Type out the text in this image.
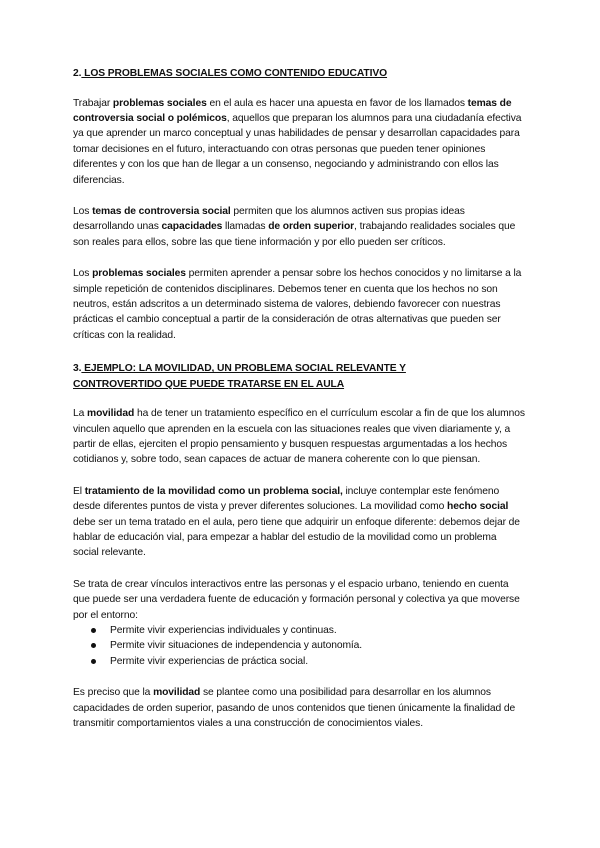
2. LOS PROBLEMAS SOCIALES COMO CONTENIDO EDUCATIVO

Trabajar problemas sociales en el aula es hacer una apuesta en favor de los llamados temas de controversia social o polémicos, aquellos que preparan los alumnos para una ciudadanía efectiva ya que aprender un marco conceptual y unas habilidades de pensar y desarrollan capacidades para tomar decisiones en el futuro, interactuando con otras personas que pueden tener opiniones diferentes y con los que han de llegar a un consenso, negociando y administrando con ellos las diferencias.

Los temas de controversia social permiten que los alumnos activen sus propias ideas desarrollando unas capacidades llamadas de orden superior, trabajando realidades sociales que son reales para ellos, sobre las que tiene información y por ello pueden ser críticos.

Los problemas sociales permiten aprender a pensar sobre los hechos conocidos y no limitarse a la simple repetición de contenidos disciplinares. Debemos tener en cuenta que los hechos no son neutros, están adscritos a un determinado sistema de valores, debiendo favorecer con nuestras prácticas el cambio conceptual a partir de la consideración de otras alternativas que pueden ser críticas con la realidad.

3. EJEMPLO: LA MOVILIDAD, UN PROBLEMA SOCIAL RELEVANTE Y
CONTROVERTIDO QUE PUEDE TRATARSE EN EL AULA

La movilidad ha de tener un tratamiento específico en el currículum escolar a fin de que los alumnos vinculen aquello que aprenden en la escuela con las situaciones reales que viven diariamente y, a partir de ellas, ejerciten el propio pensamiento y busquen respuestas argumentadas a los hechos cotidianos y, sobre todo, sean capaces de actuar de manera coherente con lo que piensan.

El tratamiento de la movilidad como un problema social, incluye contemplar este fenómeno desde diferentes puntos de vista y prever diferentes soluciones. La movilidad como hecho social debe ser un tema tratado en el aula, pero tiene que adquirir un enfoque diferente: debemos dejar de hablar de educación vial, para empezar a hablar del estudio de la movilidad como un problema social relevante.

Se trata de crear vínculos interactivos entre las personas y el espacio urbano, teniendo en cuenta que puede ser una verdadera fuente de educación y formación personal y colectiva ya que moverse por el entorno:

Permite vivir experiencias individuales y continuas.
Permite vivir situaciones de independencia y autonomía.
Permite vivir experiencias de práctica social.

Es preciso que la movilidad se plantee como una posibilidad para desarrollar en los alumnos capacidades de orden superior, pasando de unos contenidos que tienen únicamente la finalidad de transmitir comportamientos viales a una construcción de conocimientos viales.
